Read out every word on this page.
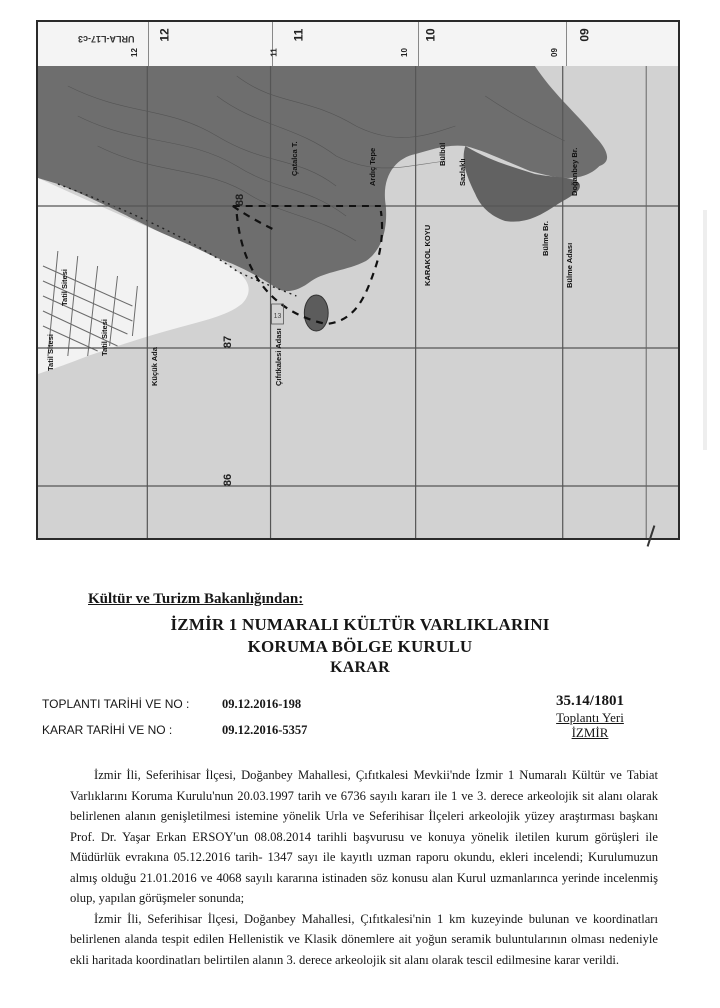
URLA-L17-c3
12
12
11
11
10
10
09
09
13
88
87
86
Tatil Sitesi
Tatil Sitesi
Tatil Sitesi
Küçük Ada	Çıfıtkalesi Adası
KARAKOL KOYU
Doğanbey Br.
Bülme Br.
Bülme Adası
Sazlaklı
Bülbül
Ardıç Tepe
Çatalca T.
Kültür ve Turizm Bakanlığından:
İZMİR 1 NUMARALI KÜLTÜR VARLIKLARINI
KORUMA BÖLGE KURULU
KARAR
TOPLANTI TARİHİ VE NO :	09.12.2016-198
KARAR TARİHİ VE NO :	09.12.2016-5357
35.14/1801
Toplantı Yeri
İZMİR

İzmir İli, Seferihisar İlçesi, Doğanbey Mahallesi, Çıfıtkalesi Mevkii'nde İzmir 1 Numaralı Kültür ve Tabiat Varlıklarını Koruma Kurulu'nun 20.03.1997 tarih ve 6736 sayılı kararı ile 1 ve 3. derece arkeolojik sit alanı olarak belirlenen alanın genişletilmesi istemine yönelik Urla ve Seferihisar İlçeleri arkeolojik yüzey araştırması başkanı Prof. Dr. Yaşar Erkan ERSOY'un 08.08.2014 tarihli başvurusu ve konuya yönelik iletilen kurum görüşleri ile Müdürlük evrakına 05.12.2016 tarih- 1347 sayı ile kayıtlı uzman raporu okundu, ekleri incelendi; Kurulumuzun almış olduğu 21.01.2016 ve 4068 sayılı kararına istinaden söz konusu alan Kurul uzmanlarınca yerinde incelenmiş olup, yapılan görüşmeler sonunda;

İzmir İli, Seferihisar İlçesi, Doğanbey Mahallesi, Çıfıtkalesi'nin 1 km kuzeyinde bulunan ve koordinatları belirlenen alanda tespit edilen Hellenistik ve Klasik dönemlere ait yoğun seramik buluntularının olması nedeniyle ekli haritada koordinatları belirtilen alanın 3. derece arkeolojik sit alanı olarak tescil edilmesine karar verildi.
